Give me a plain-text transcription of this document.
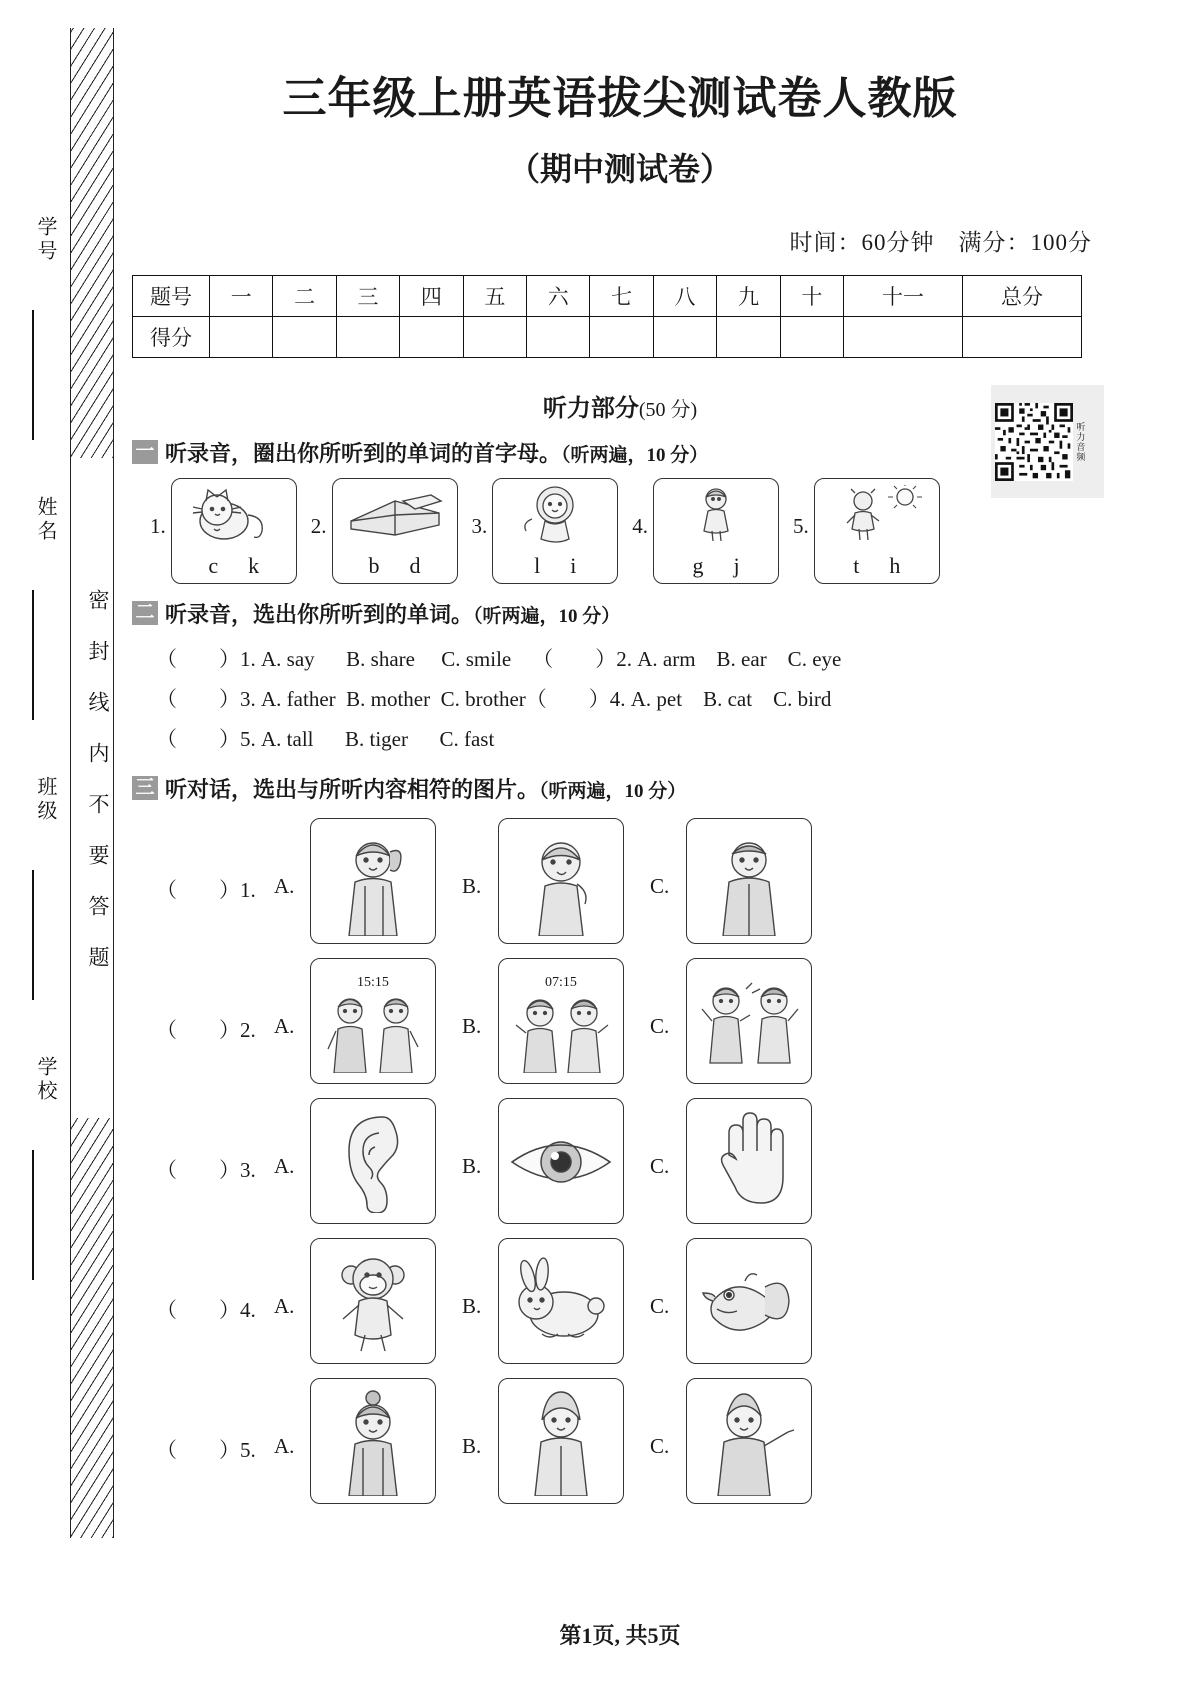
学号
姓名
班级
学校
密封线内不要答题
三年级上册英语拔尖测试卷人教版
（期中测试卷）
时间：60分钟　满分：100分
题号	一	二	三	四	五	六	七	八	九	十	十一	总分
得分												
听力部分(50 分)
听力音频
一 听录音，圈出你所听到的单词的首字母。（听两遍，10 分）
1.
c k
2.
b d
3.
l i
4.
g j
5.
t h
二 听录音，选出你所听到的单词。（听两遍，10 分）
（　　）1. A. say      B. share     C. smile    （　　）2. A. arm    B. ear    C. eye
（　　）3. A. father  B. mother  C. brother（　　）4. A. pet    B. cat    C. bird
（　　）5. A. tall      B. tiger      C. fast
三 听对话，选出与所听内容相符的图片。（听两遍，10 分）
（　　）1. A.	B.	C.
（　　）2. A.
15:15
B.
07:15
C.
（　　）3. A.	B.	C.
（　　）4. A.	B.	C.
（　　）5. A.	B.	C.
第1页, 共5页
